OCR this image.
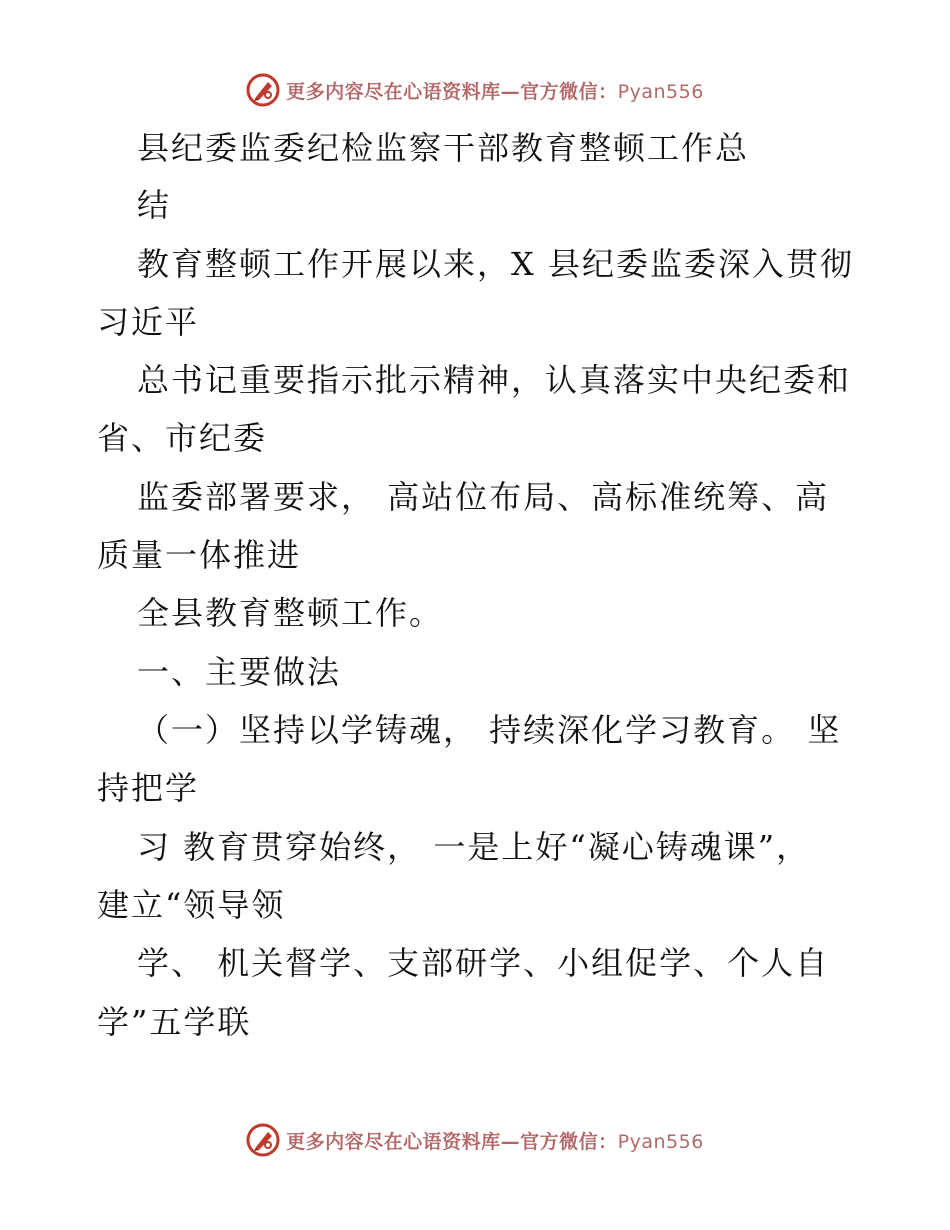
更多内容尽在心语资料库—官方微信：Pyan556
县纪委监委纪检监察干部教育整顿工作总
结
教育整顿工作开展以来，X 县纪委监委深入贯彻
习近平
总书记重要指示批示精神，认真落实中央纪委和
省、市纪委
监委部署要求， 高站位布局、高标准统筹、高
质量一体推进
全县教育整顿工作。
一、主要做法
（一）坚持以学铸魂， 持续深化学习教育。 坚
持把学
习 教育贯穿始终， 一是上好“凝心铸魂课”，
建立“领导领
学、 机关督学、支部研学、小组促学、个人自
学”五学联
更多内容尽在心语资料库—官方微信：Pyan556
